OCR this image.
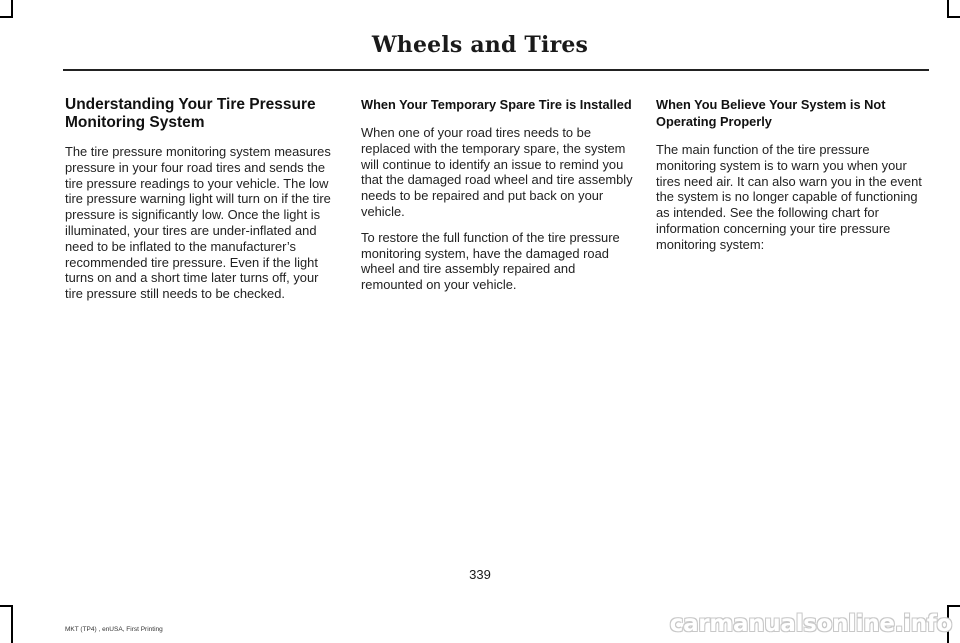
Wheels and Tires
Understanding Your Tire Pressure Monitoring System

The tire pressure monitoring system measures pressure in your four road tires and sends the tire pressure readings to your vehicle. The low tire pressure warning light will turn on if the tire pressure is significantly low. Once the light is illuminated, your tires are under-inflated and need to be inflated to the manufacturer’s recommended tire pressure. Even if the light turns on and a short time later turns off, your tire pressure still needs to be checked.

When Your Temporary Spare Tire is Installed

When one of your road tires needs to be replaced with the temporary spare, the system will continue to identify an issue to remind you that the damaged road wheel and tire assembly needs to be repaired and put back on your vehicle.

To restore the full function of the tire pressure monitoring system, have the damaged road wheel and tire assembly repaired and remounted on your vehicle.

When You Believe Your System is Not Operating Properly

The main function of the tire pressure monitoring system is to warn you when your tires need air. It can also warn you in the event the system is no longer capable of functioning as intended. See the following chart for information concerning your tire pressure monitoring system:

339
MKT (TP4) , enUSA, First Printing	carmanualsonline.info
